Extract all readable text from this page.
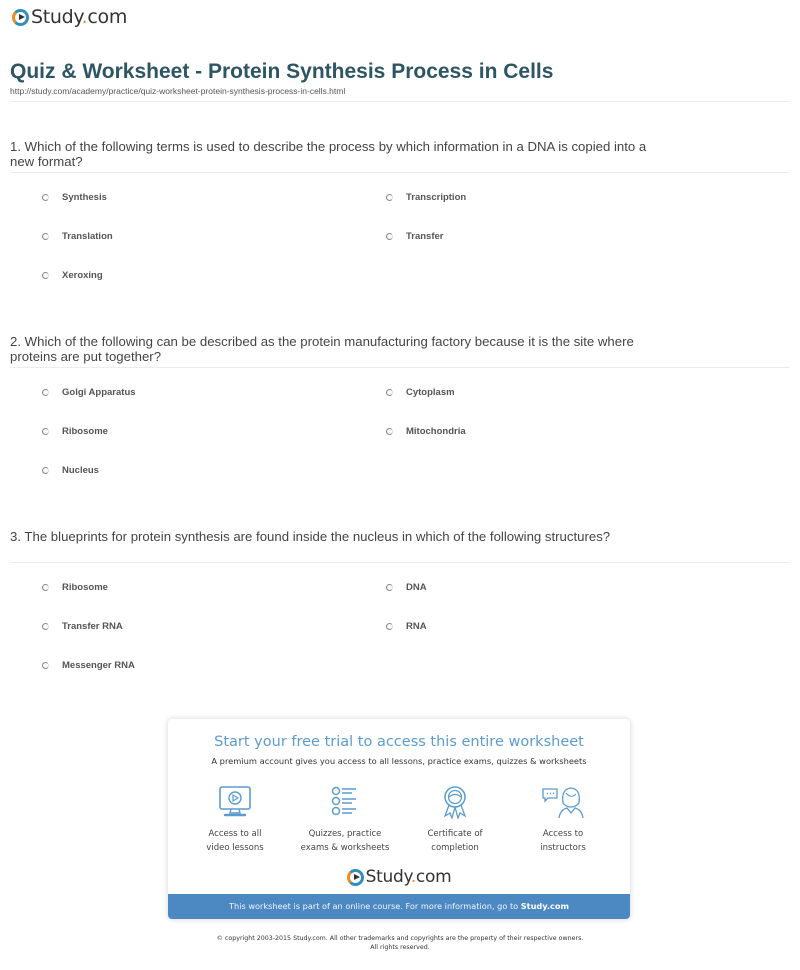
Study.com
Quiz & Worksheet - Protein Synthesis Process in Cells
http://study.com/academy/practice/quiz-worksheet-protein-synthesis-process-in-cells.html
1. Which of the following terms is used to describe the process by which information in a DNA is copied into a new format?
Synthesis	Transcription
Translation	Transfer
Xeroxing
2. Which of the following can be described as the protein manufacturing factory because it is the site where proteins are put together?
Golgi Apparatus	Cytoplasm
Ribosome	Mitochondria
Nucleus
3. The blueprints for protein synthesis are found inside the nucleus in which of the following structures?
Ribosome	DNA
Transfer RNA	RNA
Messenger RNA
Start your free trial to access this entire worksheet
A premium account gives you access to all lessons, practice exams, quizzes & worksheets
Access to all
video lessons
Quizzes, practice
exams & worksheets
Certificate of
completion
Access to
instructors
Study.com
This worksheet is part of an online course. For more information, go to Study.com
© copyright 2003-2015 Study.com. All other trademarks and copyrights are the property of their respective owners.
All rights reserved.
